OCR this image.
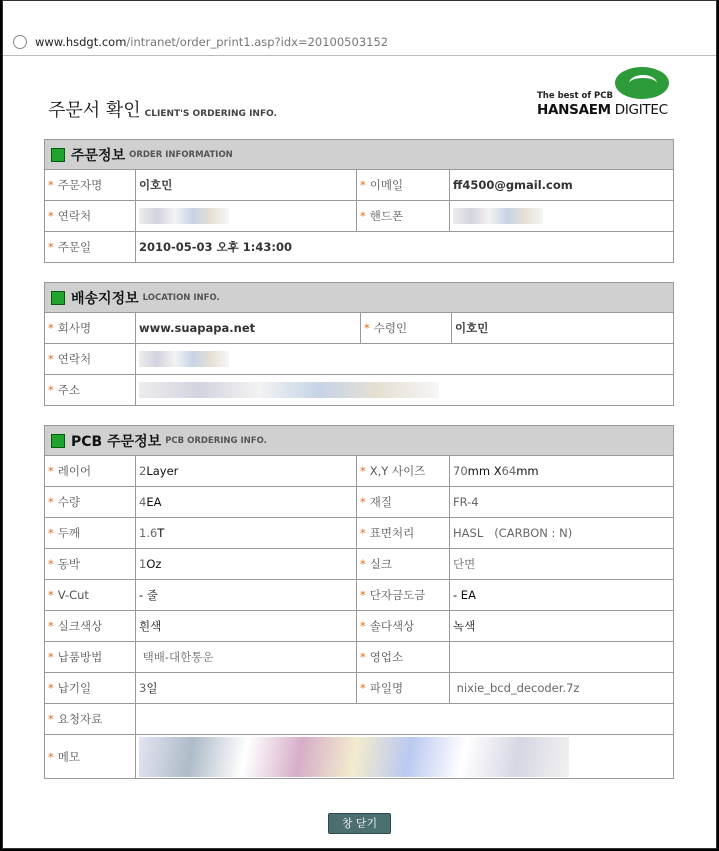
www.hsdgt.com/intranet/order_print1.asp?idx=20100503152
주문서 확인 CLIENT'S ORDERING INFO.
The best of PCB
HANSAEM DIGITEC
주문정보 ORDER INFORMATION
* 주문자명	이호민	* 이메일	ff4500@gmail.com
* 연락처	* 핸드폰
* 주문일	2010-05-03 오후 1:43:00
배송지정보 LOCATION INFO.
* 회사명	www.suapapa.net	* 수령인	이호민
* 연락처
* 주소
PCB 주문정보 PCB ORDERING INFO.
* 레이어	2 Layer	* X,Y 사이즈	70 mm X 64 mm
* 수량	4 EA	* 재질	FR-4
* 두께	1.6 T	* 표면처리	HASL   (CARBON : N)
* 동박	1 Oz	* 실크	단면
* V-Cut	- 줄	* 단자금도금	- EA
* 실크색상	흰색	* 솔다색상	녹색
* 납품방법	택배-대한통운	* 영업소
* 납기일	3 일	* 파일명	nixie_bcd_decoder.7z
* 요청자료
* 메모
창 닫기
